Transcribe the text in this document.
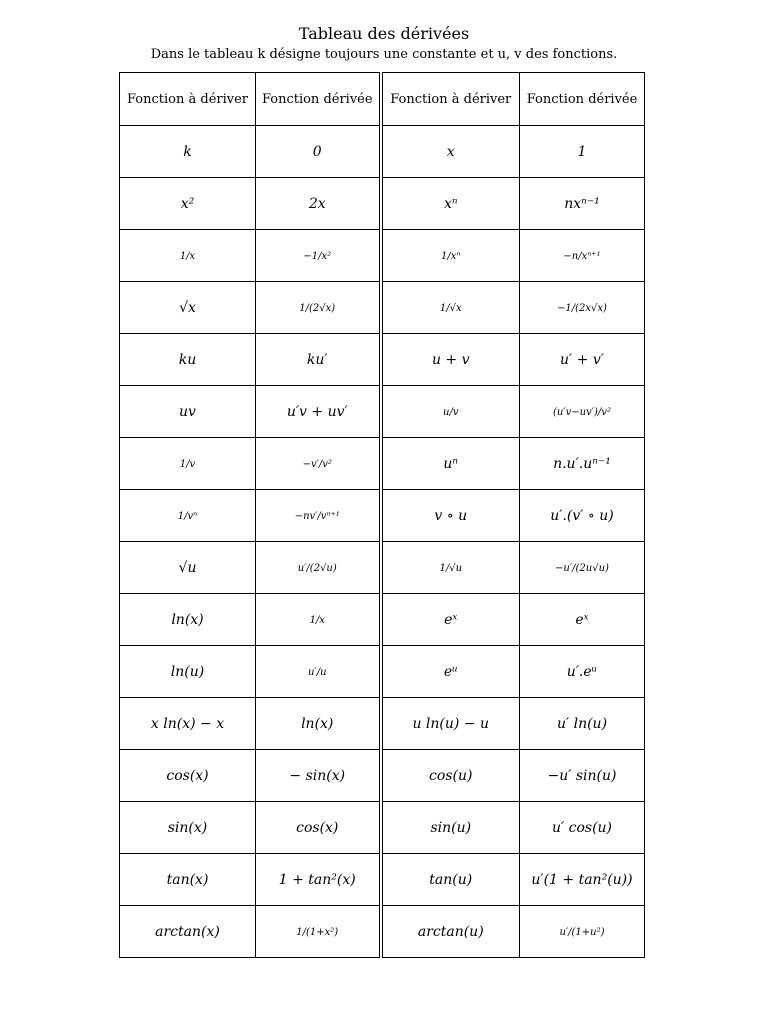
Tableau des dérivées
Dans le tableau k désigne toujours une constante et u, v des fonctions.
Fonction à dériver	Fonction dérivée	Fonction à dériver	Fonction dérivée
k	0	x	1
x²	2x	xⁿ	nxⁿ⁻¹
1/x	−1/x²	1/xⁿ	−n/xⁿ⁺¹
√x	1/(2√x)	1/√x	−1/(2x√x)
ku	ku′	u + v	u′ + v′
uv	u′v + uv′	u/v	(u′v−uv′)/v²
1/v	−v′/v²	uⁿ	n.u′.uⁿ⁻¹
1/vⁿ	−nv′/vⁿ⁺¹	v ∘ u	u′.(v′ ∘ u)
√u	u′/(2√u)	1/√u	−u′/(2u√u)
ln(x)	1/x	eˣ	eˣ
ln(u)	u′/u	eᵘ	u′.eᵘ
x ln(x) − x	ln(x)	u ln(u) − u	u′ ln(u)
cos(x)	− sin(x)	cos(u)	−u′ sin(u)
sin(x)	cos(x)	sin(u)	u′ cos(u)
tan(x)	1 + tan²(x)	tan(u)	u′(1 + tan²(u))
arctan(x)	1/(1+x²)	arctan(u)	u′/(1+u²)
